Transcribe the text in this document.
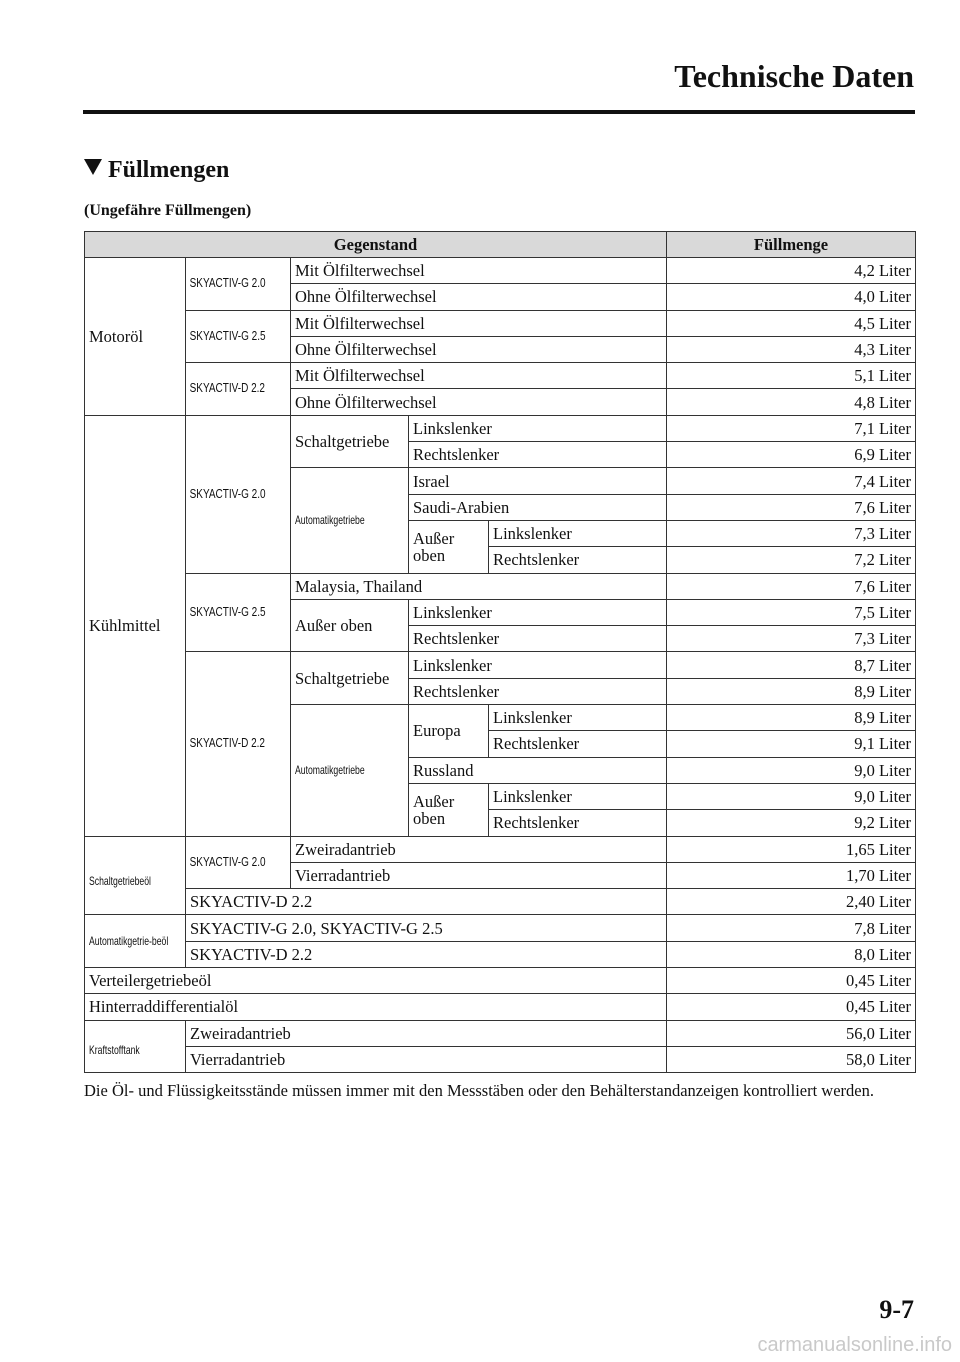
Technische Daten
Füllmengen
(Ungefähre Füllmengen)
Gegenstand					Füllmenge
Motoröl	SKYACTIV-G 2.0	Mit Ölfilterwechsel			4,2 Liter
		Ohne Ölfilterwechsel			4,0 Liter
	SKYACTIV-G 2.5	Mit Ölfilterwechsel			4,5 Liter
		Ohne Ölfilterwechsel			4,3 Liter
	SKYACTIV-D 2.2	Mit Ölfilterwechsel			5,1 Liter
		Ohne Ölfilterwechsel			4,8 Liter
Kühlmittel	SKYACTIV-G 2.0	Schaltgetriebe	Linkslenker		7,1 Liter
			Rechtslenker		6,9 Liter
		Automatikgetriebe	Israel		7,4 Liter
			Saudi-Arabien		7,6 Liter
			Außer oben	Linkslenker	7,3 Liter
				Rechtslenker	7,2 Liter
	SKYACTIV-G 2.5	Malaysia, Thailand			7,6 Liter
		Außer oben	Linkslenker		7,5 Liter
			Rechtslenker		7,3 Liter
	SKYACTIV-D 2.2	Schaltgetriebe	Linkslenker		8,7 Liter
			Rechtslenker		8,9 Liter
		Automatikgetriebe	Europa	Linkslenker	8,9 Liter
				Rechtslenker	9,1 Liter
			Russland		9,0 Liter
			Außer oben	Linkslenker	9,0 Liter
				Rechtslenker	9,2 Liter
Schaltgetriebeöl	SKYACTIV-G 2.0	Zweiradantrieb			1,65 Liter
		Vierradantrieb			1,70 Liter
	SKYACTIV-D 2.2				2,40 Liter
Automatikgetrie-beöl	SKYACTIV-G 2.0, SKYACTIV-G 2.5				7,8 Liter
	SKYACTIV-D 2.2				8,0 Liter
Verteilergetriebeöl					0,45 Liter
Hinterraddifferentialöl					0,45 Liter
Kraftstofftank	Zweiradantrieb				56,0 Liter
	Vierradantrieb				58,0 Liter
Die Öl- und Flüssigkeitsstände müssen immer mit den Messstäben oder den Behälterstandanzeigen kontrolliert werden.
9-7
carmanualsonline.info
